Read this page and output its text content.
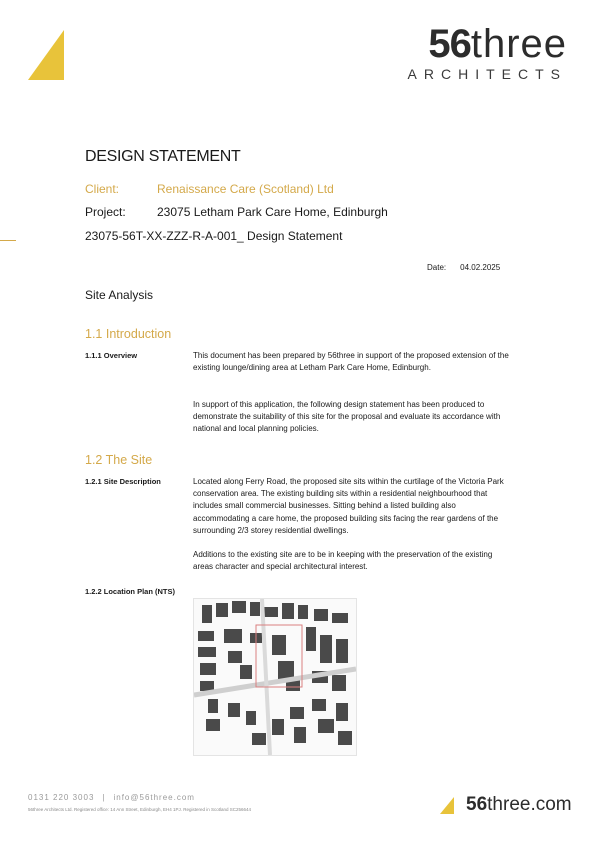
56three
ARCHITECTS
DESIGN STATEMENT
Client:	Renaissance Care (Scotland) Ltd
Project:	23075 Letham Park Care Home, Edinburgh
23075-56T-XX-ZZZ-R-A-001_ Design Statement
Date: 04.02.2025
Site Analysis
1.1 Introduction
1.1.1 Overview	This document has been prepared by 56three in support of the proposed extension of the existing lounge/dining area at Letham Park Care Home, Edinburgh.
In support of this application, the following design statement has been produced to demonstrate the suitability of this site for the proposal and evaluate its accordance with national and local planning policies.
1.2 The Site
1.2.1 Site Description	Located along Ferry Road, the proposed site sits within the curtilage of the Victoria Park conservation area. The existing building sits within a residential neighbourhood that includes small commercial businesses. Sitting behind a listed building also accommodating a care home, the proposed building sits facing the rear gardens of the surrounding 2/3 storey residential dwellings.
Additions to the existing site are to be in keeping with the preservation of the existing areas character and special architectural interest.
1.2.2 Location Plan (NTS)
0131 220 3003 | info@56three.com
56three Architects Ltd. Registered office: 14 Ann Street, Edinburgh, EH4 1PJ. Registered in Scotland SC256644	56three.com
